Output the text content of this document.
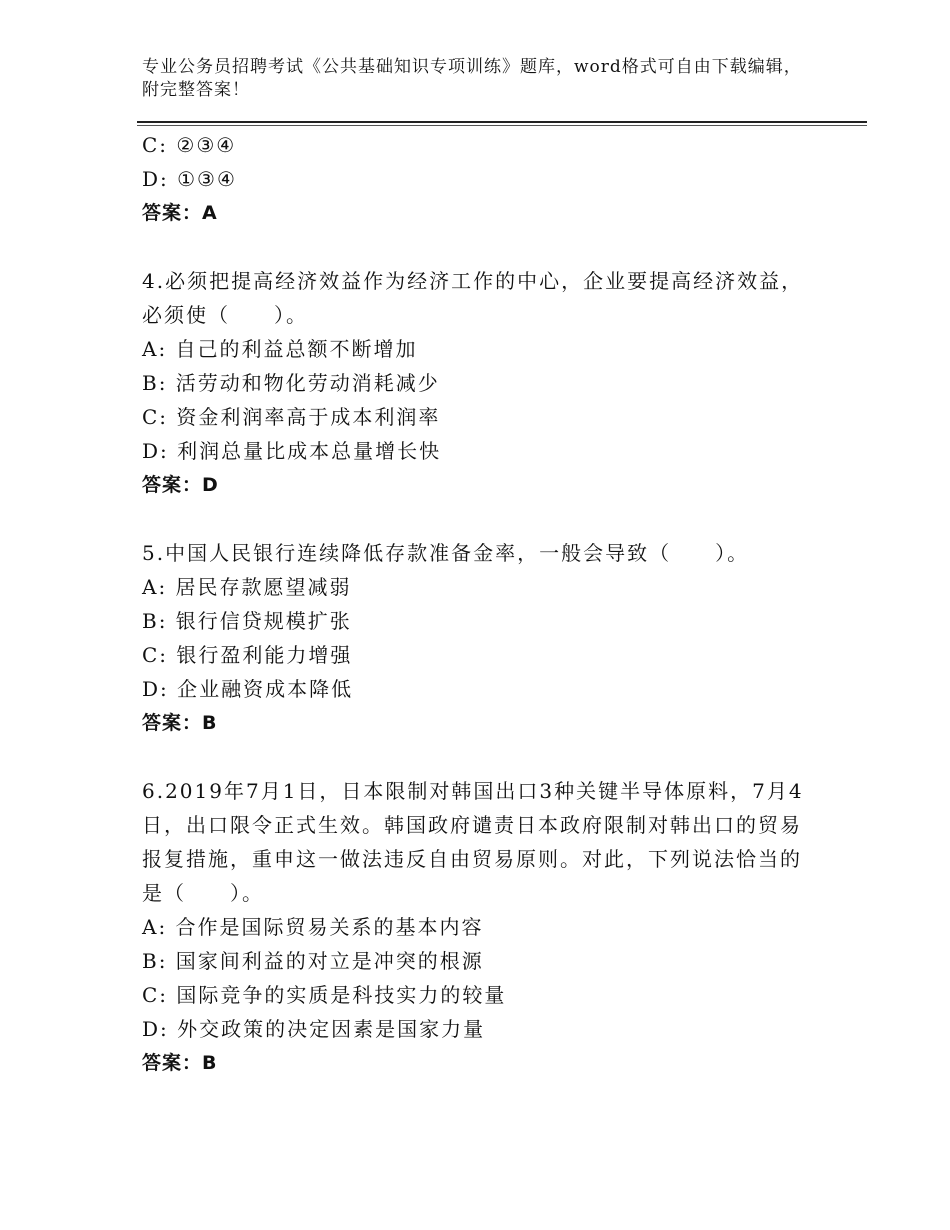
专业公务员招聘考试《公共基础知识专项训练》题库，word格式可自由下载编辑，附完整答案！
C: ②③④
D: ①③④
答案：A
4.必须把提高经济效益作为经济工作的中心，企业要提高经济效益，
必须使（　　）。
A: 自己的利益总额不断增加
B: 活劳动和物化劳动消耗减少
C: 资金利润率高于成本利润率
D: 利润总量比成本总量增长快
答案：D
5.中国人民银行连续降低存款准备金率，一般会导致（　　）。
A: 居民存款愿望减弱
B: 银行信贷规模扩张
C: 银行盈利能力增强
D: 企业融资成本降低
答案：B
6.2019年7月1日，日本限制对韩国出口3种关键半导体原料，7月4
日，出口限令正式生效。韩国政府谴责日本政府限制对韩出口的贸易
报复措施，重申这一做法违反自由贸易原则。对此，下列说法恰当的
是（　　）。
A: 合作是国际贸易关系的基本内容
B: 国家间利益的对立是冲突的根源
C: 国际竞争的实质是科技实力的较量
D: 外交政策的决定因素是国家力量
答案：B
